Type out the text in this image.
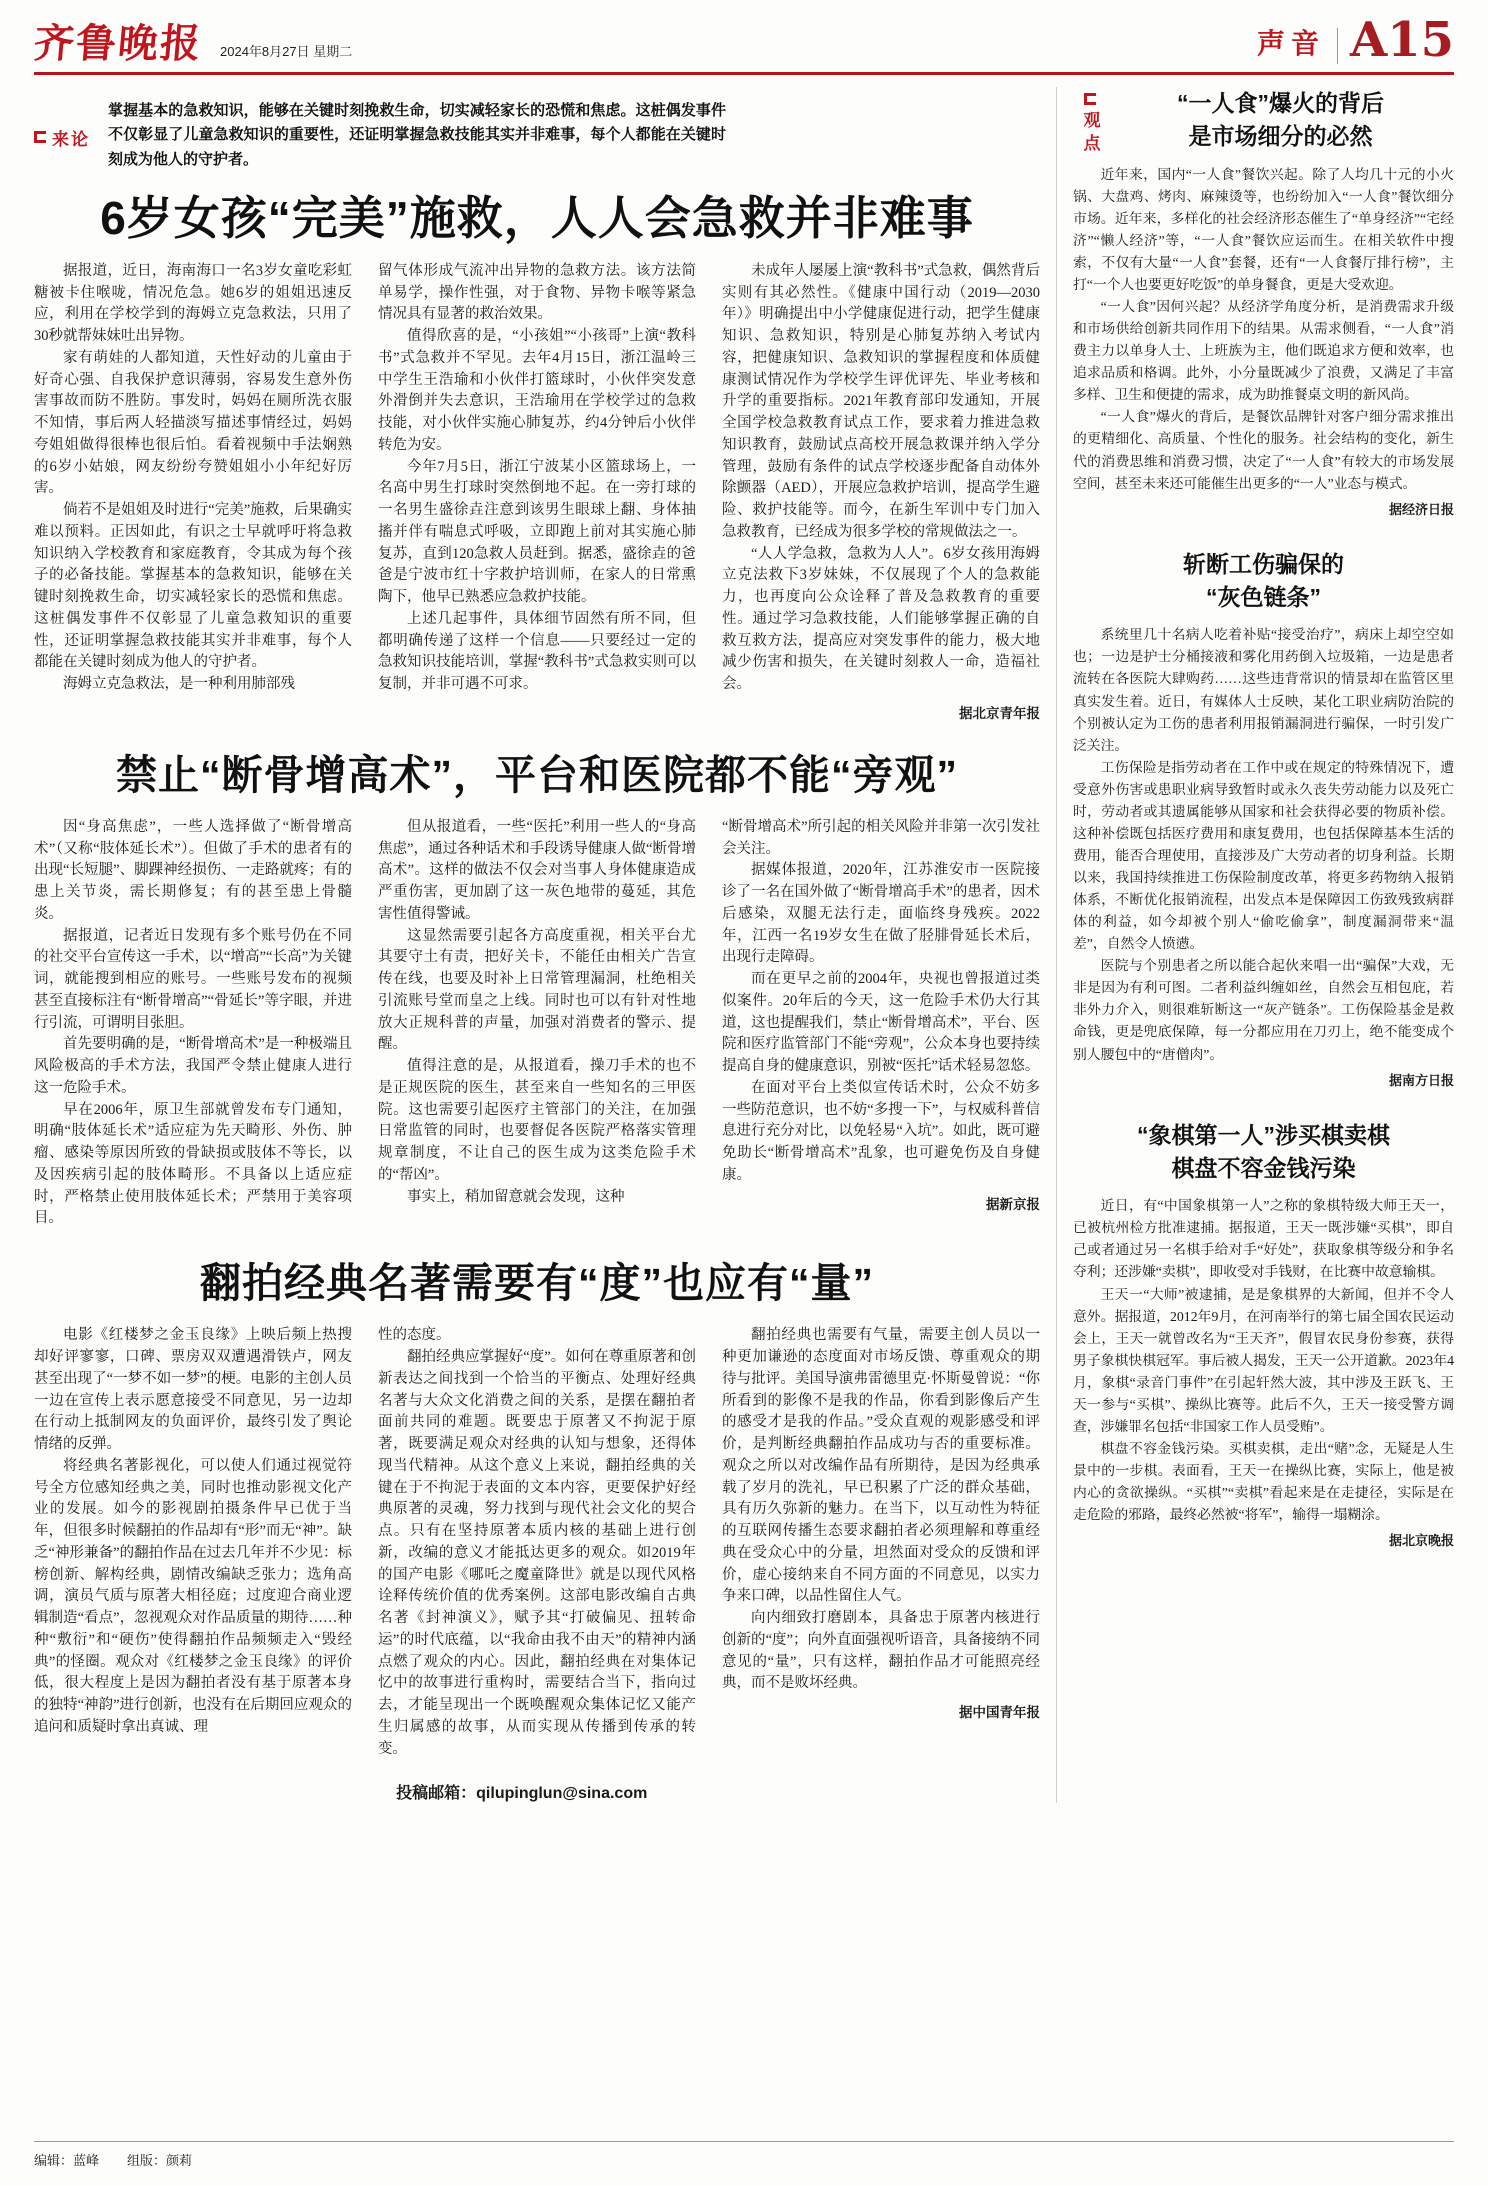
齐鲁晚报 2024年8月27日 星期二	声音 A15
来论

掌握基本的急救知识，能够在关键时刻挽救生命，切实减轻家长的恐慌和焦虑。这桩偶发事件不仅彰显了儿童急救知识的重要性，还证明掌握急救技能其实并非难事，每个人都能在关键时刻成为他人的守护者。

6岁女孩“完美”施救，人人会急救并非难事

据报道，近日，海南海口一名3岁女童吃彩虹糖被卡住喉咙，情况危急。她6岁的姐姐迅速反应，利用在学校学到的海姆立克急救法，只用了30秒就帮妹妹吐出异物。

家有萌娃的人都知道，天性好动的儿童由于好奇心强、自我保护意识薄弱，容易发生意外伤害事故而防不胜防。事发时，妈妈在厕所洗衣服不知情，事后两人轻描淡写描述事情经过，妈妈夸姐姐做得很棒也很后怕。看着视频中手法娴熟的6岁小姑娘，网友纷纷夸赞姐姐小小年纪好厉害。

倘若不是姐姐及时进行“完美”施救，后果确实难以预料。正因如此，有识之士早就呼吁将急救知识纳入学校教育和家庭教育，令其成为每个孩子的必备技能。掌握基本的急救知识，能够在关键时刻挽救生命，切实减轻家长的恐慌和焦虑。这桩偶发事件不仅彰显了儿童急救知识的重要性，还证明掌握急救技能其实并非难事，每个人都能在关键时刻成为他人的守护者。

海姆立克急救法，是一种利用肺部残

留气体形成气流冲出异物的急救方法。该方法简单易学，操作性强，对于食物、异物卡喉等紧急情况具有显著的救治效果。

值得欣喜的是，“小孩姐”“小孩哥”上演“教科书”式急救并不罕见。去年4月15日，浙江温岭三中学生王浩瑜和小伙伴打篮球时，小伙伴突发意外滑倒并失去意识，王浩瑜用在学校学过的急救技能，对小伙伴实施心肺复苏，约4分钟后小伙伴转危为安。

今年7月5日，浙江宁波某小区篮球场上，一名高中男生打球时突然倒地不起。在一旁打球的一名男生盛徐垚注意到该男生眼球上翻、身体抽搐并伴有喘息式呼吸，立即跑上前对其实施心肺复苏，直到120急救人员赶到。据悉，盛徐垚的爸爸是宁波市红十字救护培训师，在家人的日常熏陶下，他早已熟悉应急救护技能。

上述几起事件，具体细节固然有所不同，但都明确传递了这样一个信息——只要经过一定的急救知识技能培训，掌握“教科书”式急救实则可以复制，并非可遇不可求。

未成年人屡屡上演“教科书”式急救，偶然背后实则有其必然性。《健康中国行动（2019—2030年）》明确提出中小学健康促进行动，把学生健康知识、急救知识，特别是心肺复苏纳入考试内容，把健康知识、急救知识的掌握程度和体质健康测试情况作为学校学生评优评先、毕业考核和升学的重要指标。2021年教育部印发通知，开展全国学校急救教育试点工作，要求着力推进急救知识教育，鼓励试点高校开展急救课并纳入学分管理，鼓励有条件的试点学校逐步配备自动体外除颤器（AED），开展应急救护培训，提高学生避险、救护技能等。而今，在新生军训中专门加入急救教育，已经成为很多学校的常规做法之一。

“人人学急救，急救为人人”。6岁女孩用海姆立克法救下3岁妹妹，不仅展现了个人的急救能力，也再度向公众诠释了普及急救教育的重要性。通过学习急救技能，人们能够掌握正确的自救互救方法，提高应对突发事件的能力，极大地减少伤害和损失，在关键时刻救人一命，造福社会。

据北京青年报
禁止“断骨增高术”，平台和医院都不能“旁观”

因“身高焦虑”，一些人选择做了“断骨增高术”（又称“肢体延长术”）。但做了手术的患者有的出现“长短腿”、脚踝神经损伤、一走路就疼；有的患上关节炎，需长期修复；有的甚至患上骨髓炎。

据报道，记者近日发现有多个账号仍在不同的社交平台宣传这一手术，以“增高”“长高”为关键词，就能搜到相应的账号。一些账号发布的视频甚至直接标注有“断骨增高”“骨延长”等字眼，并进行引流，可谓明目张胆。

首先要明确的是，“断骨增高术”是一种极端且风险极高的手术方法，我国严令禁止健康人进行这一危险手术。

早在2006年，原卫生部就曾发布专门通知，明确“肢体延长术”适应症为先天畸形、外伤、肿瘤、感染等原因所致的骨缺损或肢体不等长，以及因疾病引起的肢体畸形。不具备以上适应症时，严格禁止使用肢体延长术；严禁用于美容项目。

但从报道看，一些“医托”利用一些人的“身高焦虑”，通过各种话术和手段诱导健康人做“断骨增高术”。这样的做法不仅会对当事人身体健康造成严重伤害，更加剧了这一灰色地带的蔓延，其危害性值得警诫。

这显然需要引起各方高度重视，相关平台尤其要守土有责，把好关卡，不能任由相关广告宣传在线，也要及时补上日常管理漏洞，杜绝相关引流账号堂而皇之上线。同时也可以有针对性地放大正规科普的声量，加强对消费者的警示、提醒。

值得注意的是，从报道看，操刀手术的也不是正规医院的医生，甚至来自一些知名的三甲医院。这也需要引起医疗主管部门的关注，在加强日常监管的同时，也要督促各医院严格落实管理规章制度，不让自己的医生成为这类危险手术的“帮凶”。

事实上，稍加留意就会发现，这种

“断骨增高术”所引起的相关风险并非第一次引发社会关注。

据媒体报道，2020年，江苏淮安市一医院接诊了一名在国外做了“断骨增高手术”的患者，因术后感染，双腿无法行走，面临终身残疾。2022年，江西一名19岁女生在做了胫腓骨延长术后，出现行走障碍。

而在更早之前的2004年，央视也曾报道过类似案件。20年后的今天，这一危险手术仍大行其道，这也提醒我们，禁止“断骨增高术”，平台、医院和医疗监管部门不能“旁观”，公众本身也要持续提高自身的健康意识，别被“医托”话术轻易忽悠。

在面对平台上类似宣传话术时，公众不妨多一些防范意识，也不妨“多搜一下”，与权威科普信息进行充分对比，以免轻易“入坑”。如此，既可避免助长“断骨增高术”乱象，也可避免伤及自身健康。

据新京报
翻拍经典名著需要有“度”也应有“量”

电影《红楼梦之金玉良缘》上映后频上热搜却好评寥寥，口碑、票房双双遭遇滑铁卢，网友甚至出现了“一梦不如一梦”的梗。电影的主创人员一边在宣传上表示愿意接受不同意见，另一边却在行动上抵制网友的负面评价，最终引发了舆论情绪的反弹。

将经典名著影视化，可以使人们通过视觉符号全方位感知经典之美，同时也推动影视文化产业的发展。如今的影视剧拍摄条件早已优于当年，但很多时候翻拍的作品却有“形”而无“神”。缺乏“神形兼备”的翻拍作品在过去几年并不少见：标榜创新、解构经典，剧情改编缺乏张力；选角高调，演员气质与原著大相径庭；过度迎合商业逻辑制造“看点”，忽视观众对作品质量的期待……种种“敷衍”和“硬伤”使得翻拍作品频频走入“毁经典”的怪圈。观众对《红楼梦之金玉良缘》的评价低，很大程度上是因为翻拍者没有基于原著本身的独特“神韵”进行创新，也没有在后期回应观众的追问和质疑时拿出真诚、理

性的态度。

翻拍经典应掌握好“度”。如何在尊重原著和创新表达之间找到一个恰当的平衡点、处理好经典名著与大众文化消费之间的关系，是摆在翻拍者面前共同的难题。既要忠于原著又不拘泥于原著，既要满足观众对经典的认知与想象，还得体现当代精神。从这个意义上来说，翻拍经典的关键在于不拘泥于表面的文本内容，更要保护好经典原著的灵魂，努力找到与现代社会文化的契合点。只有在坚持原著本质内核的基础上进行创新，改编的意义才能抵达更多的观众。如2019年的国产电影《哪吒之魔童降世》就是以现代风格诠释传统价值的优秀案例。这部电影改编自古典名著《封神演义》，赋予其“打破偏见、扭转命运”的时代底蕴，以“我命由我不由天”的精神内涵点燃了观众的内心。因此，翻拍经典在对集体记忆中的故事进行重构时，需要结合当下，指向过去，才能呈现出一个既唤醒观众集体记忆又能产生归属感的故事，从而实现从传播到传承的转变。

翻拍经典也需要有气量，需要主创人员以一种更加谦逊的态度面对市场反馈、尊重观众的期待与批评。美国导演弗雷德里克·怀斯曼曾说：“你所看到的影像不是我的作品，你看到影像后产生的感受才是我的作品。”受众直观的观影感受和评价，是判断经典翻拍作品成功与否的重要标准。观众之所以对改编作品有所期待，是因为经典承载了岁月的洗礼，早已积累了广泛的群众基础，具有历久弥新的魅力。在当下，以互动性为特征的互联网传播生态要求翻拍者必须理解和尊重经典在受众心中的分量，坦然面对受众的反馈和评价，虚心接纳来自不同方面的不同意见，以实力争来口碑，以品性留住人气。

向内细致打磨剧本，具备忠于原著内核进行创新的“度”；向外直面强视听语音，具备接纳不同意见的“量”，只有这样，翻拍作品才可能照亮经典，而不是败坏经典。

据中国青年报
投稿邮箱：qilupinglun@sina.com
观点
“一人食”爆火的背后
是市场细分的必然

近年来，国内“一人食”餐饮兴起。除了人均几十元的小火锅、大盘鸡、烤肉、麻辣烫等，也纷纷加入“一人食”餐饮细分市场。近年来，多样化的社会经济形态催生了“单身经济”“宅经济”“懒人经济”等，“一人食”餐饮应运而生。在相关软件中搜索，不仅有大量“一人食”套餐，还有“一人食餐厅排行榜”，主打“一个人也要更好吃饭”的单身餐食，更是大受欢迎。

“一人食”因何兴起？从经济学角度分析，是消费需求升级和市场供给创新共同作用下的结果。从需求侧看，“一人食”消费主力以单身人士、上班族为主，他们既追求方便和效率，也追求品质和格调。此外，小分量既减少了浪费，又满足了丰富多样、卫生和便捷的需求，成为助推餐桌文明的新风尚。

“一人食”爆火的背后，是餐饮品牌针对客户细分需求推出的更精细化、高质量、个性化的服务。社会结构的变化，新生代的消费思维和消费习惯，决定了“一人食”有较大的市场发展空间，甚至未来还可能催生出更多的“一人”业态与模式。

据经济日报
斩断工伤骗保的
“灰色链条”

系统里几十名病人吃着补贴“接受治疗”，病床上却空空如也；一边是护士分桶接液和雾化用药倒入垃圾箱，一边是患者流转在各医院大肆购药……这些违背常识的情景却在监管区里真实发生着。近日，有媒体人士反映，某化工职业病防治院的个别被认定为工伤的患者利用报销漏洞进行骗保，一时引发广泛关注。

工伤保险是指劳动者在工作中或在规定的特殊情况下，遭受意外伤害或患职业病导致暂时或永久丧失劳动能力以及死亡时，劳动者或其遗属能够从国家和社会获得必要的物质补偿。这种补偿既包括医疗费用和康复费用，也包括保障基本生活的费用，能否合理使用，直接涉及广大劳动者的切身利益。长期以来，我国持续推进工伤保险制度改革，将更多药物纳入报销体系，不断优化报销流程，出发点本是保障因工伤致残致病群体的利益，如今却被个别人“偷吃偷拿”，制度漏洞带来“温差”，自然令人愤懑。

医院与个别患者之所以能合起伙来唱一出“骗保”大戏，无非是因为有利可图。二者利益纠缠如丝，自然会互相包庇，若非外力介入，则很难斩断这一“灰产链条”。工伤保险基金是救命钱，更是兜底保障，每一分都应用在刀刃上，绝不能变成个别人腰包中的“唐僧肉”。

据南方日报
“象棋第一人”涉买棋卖棋
棋盘不容金钱污染

近日，有“中国象棋第一人”之称的象棋特级大师王天一，已被杭州检方批准逮捕。据报道，王天一既涉嫌“买棋”，即自己或者通过另一名棋手给对手“好处”，获取象棋等级分和争名夺利；还涉嫌“卖棋”，即收受对手钱财，在比赛中故意输棋。

王天一“大师”被逮捕，是是象棋界的大新闻，但并不令人意外。据报道，2012年9月，在河南举行的第七届全国农民运动会上，王天一就曾改名为“王天齐”，假冒农民身份参赛，获得男子象棋快棋冠军。事后被人揭发，王天一公开道歉。2023年4月，象棋“录音门事件”在引起轩然大波，其中涉及王跃飞、王天一参与“买棋”、操纵比赛等。此后不久，王天一接受警方调查，涉嫌罪名包括“非国家工作人员受贿”。

棋盘不容金钱污染。买棋卖棋，走出“赌”念，无疑是人生景中的一步棋。表面看，王天一在操纵比赛，实际上，他是被内心的贪欲操纵。“买棋”“卖棋”看起来是在走捷径，实际是在走危险的邪路，最终必然被“将军”，输得一塌糊涂。

据北京晚报
编辑：蓝峰 组版：颜莉
